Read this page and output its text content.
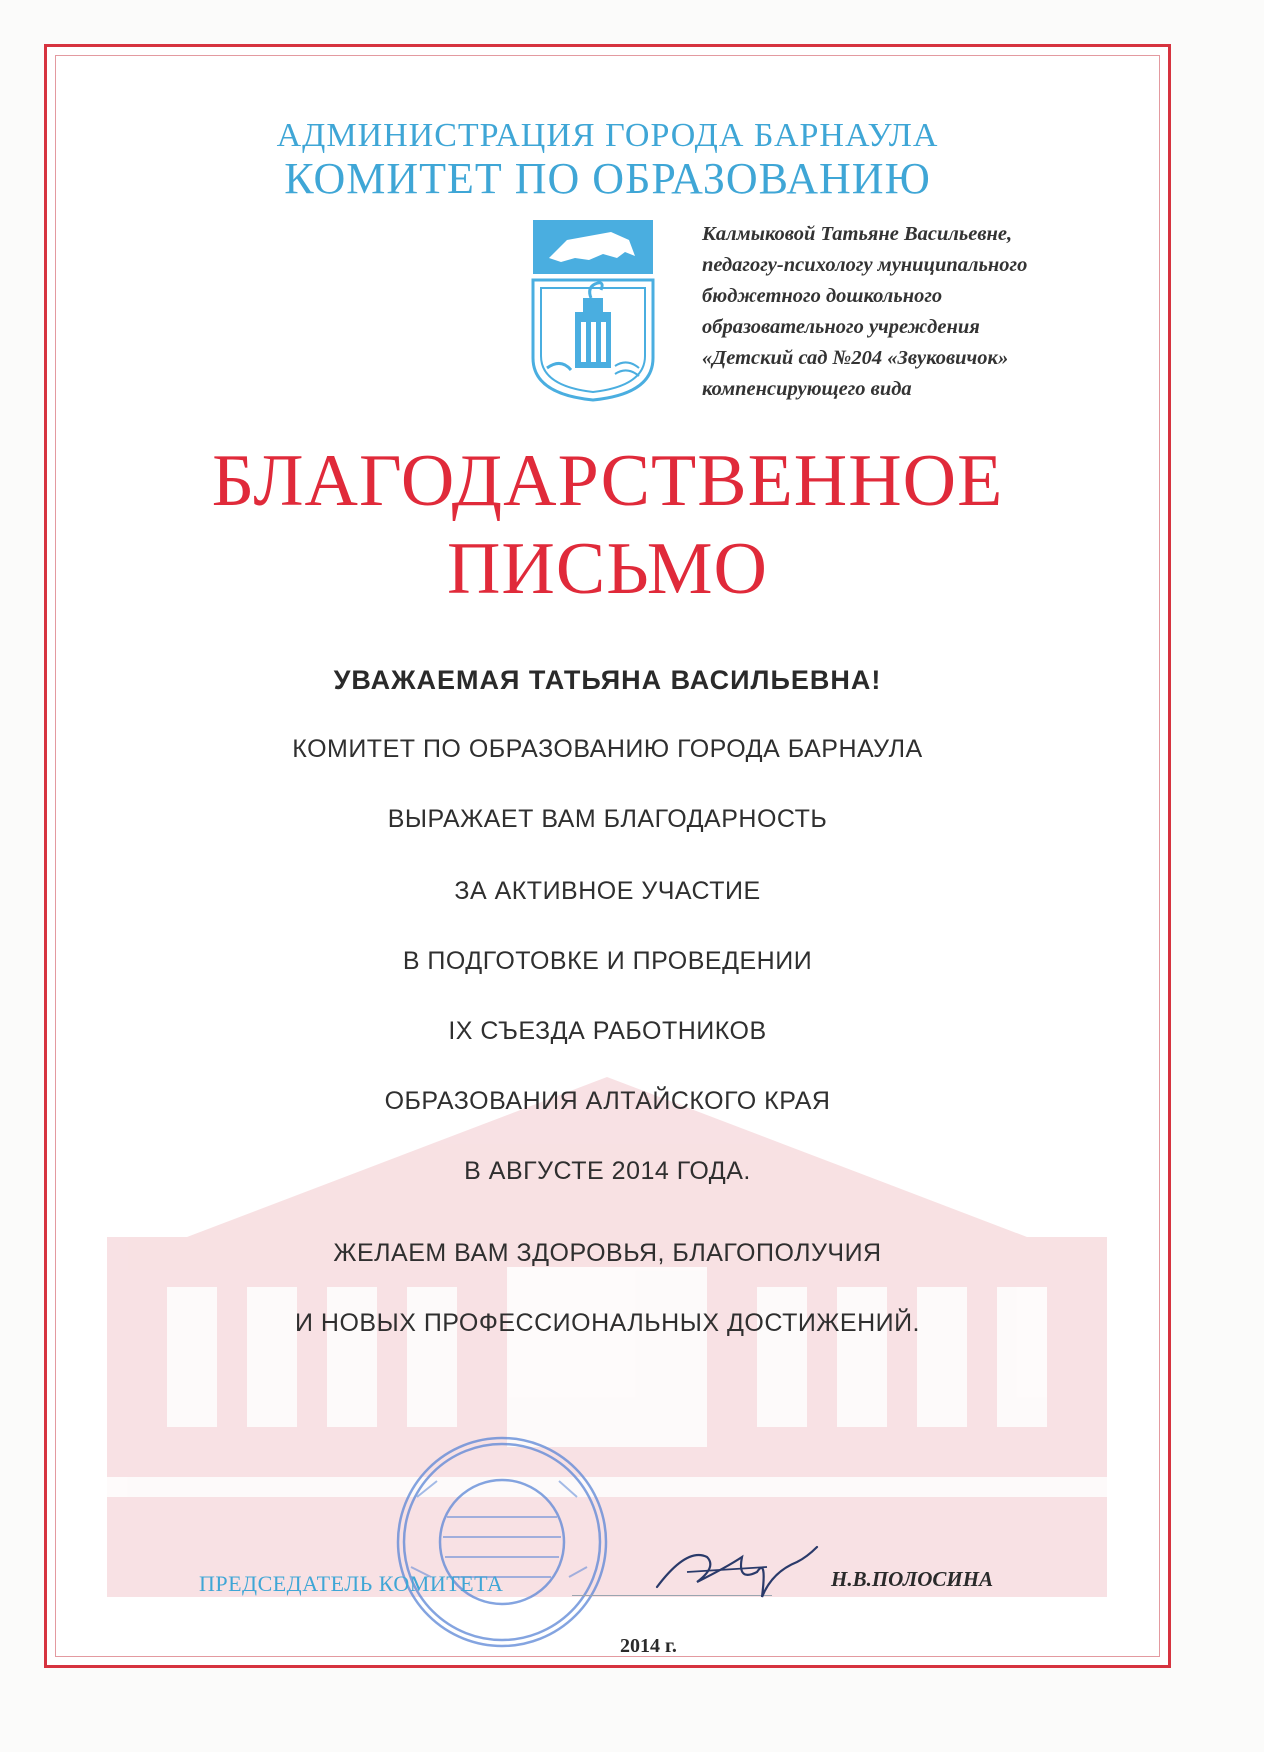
АДМИНИСТРАЦИЯ ГОРОДА БАРНАУЛА
КОМИТЕТ ПО ОБРАЗОВАНИЮ
Калмыковой Татьяне Васильевне,
педагогу-психологу муниципального
бюджетного дошкольного
образовательного учреждения
«Детский сад №204 «Звуковичок»
компенсирующего вида
БЛАГОДАРСТВЕННОЕ
ПИСЬМО
УВАЖАЕМАЯ ТАТЬЯНА ВАСИЛЬЕВНА!
КОМИТЕТ ПО ОБРАЗОВАНИЮ ГОРОДА БАРНАУЛА
ВЫРАЖАЕТ ВАМ БЛАГОДАРНОСТЬ
ЗА АКТИВНОЕ УЧАСТИЕ
В ПОДГОТОВКЕ И ПРОВЕДЕНИИ
IX СЪЕЗДА РАБОТНИКОВ
ОБРАЗОВАНИЯ АЛТАЙСКОГО КРАЯ
В АВГУСТЕ 2014 ГОДА.
ЖЕЛАЕМ ВАМ ЗДОРОВЬЯ, БЛАГОПОЛУЧИЯ
И НОВЫХ ПРОФЕССИОНАЛЬНЫХ ДОСТИЖЕНИЙ.
ПРЕДСЕДАТЕЛЬ КОМИТЕТА	Н.В.ПОЛОСИНА
2014 г.
